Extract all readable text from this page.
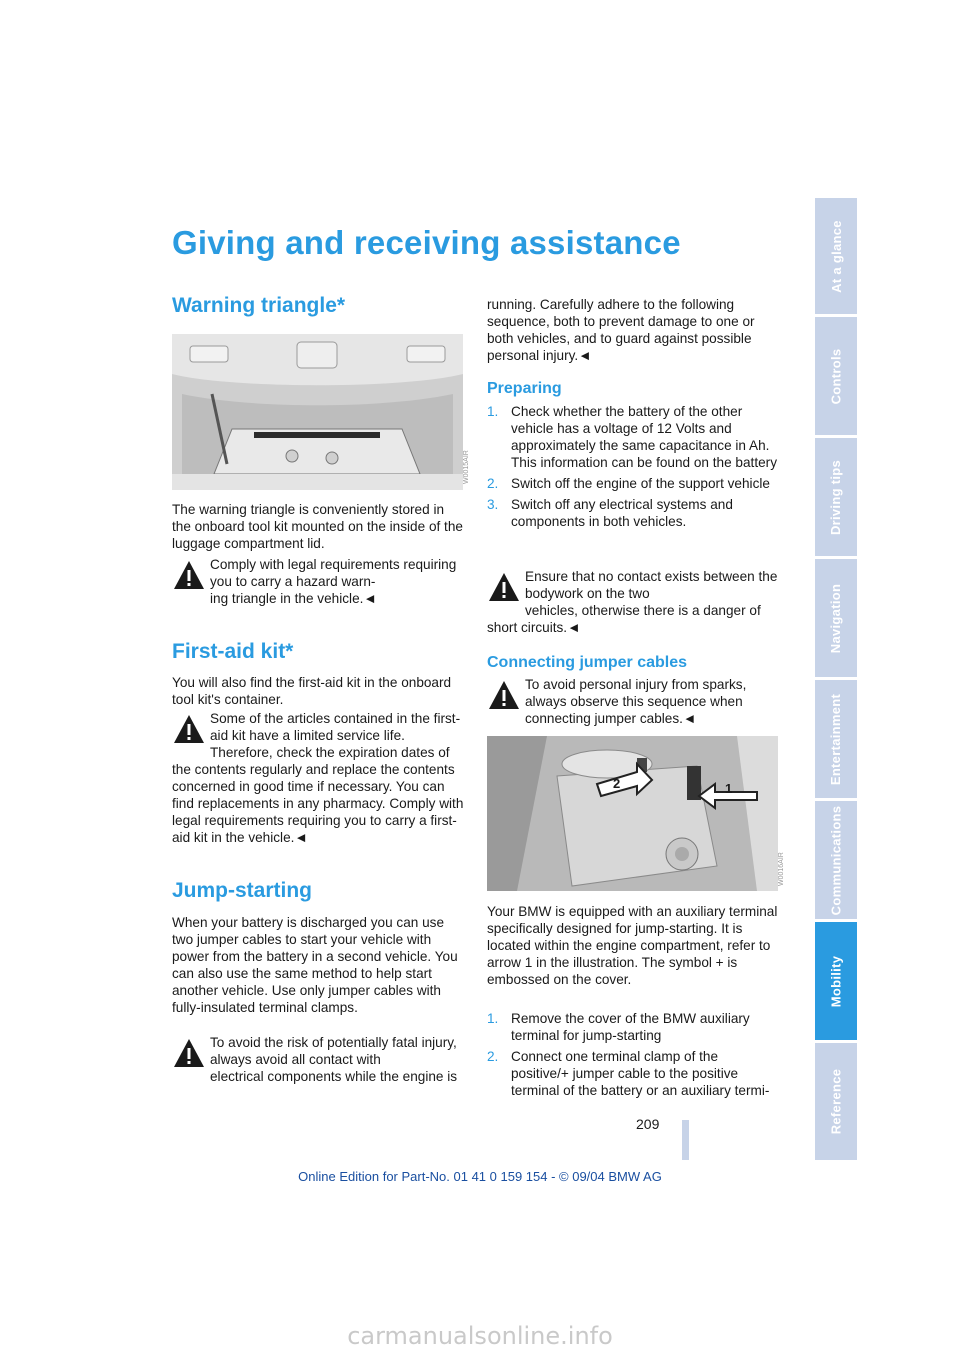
Giving and receiving assistance
Warning triangle*
W0015AIR

The warning triangle is conveniently stored in the onboard tool kit mounted on the inside of the luggage compartment lid.

Comply with legal requirements requiring you to carry a hazard warn-

ing triangle in the vehicle.◄

First-aid kit*

You will also find the first-aid kit in the onboard tool kit's container.

Some of the articles contained in the first-aid kit have a limited service life.

Therefore, check the expiration dates of the contents regularly and replace the contents concerned in good time if necessary. You can find replacements in any pharmacy. Comply with legal requirements requiring you to carry a first-aid kit in the vehicle.◄

Jump-starting

When your battery is discharged you can use two jumper cables to start your vehicle with power from the battery in a second vehicle. You can also use the same method to help start another vehicle. Use only jumper cables with fully-insulated terminal clamps.

To avoid the risk of potentially fatal injury, always avoid all contact with

electrical components while the engine is

running. Carefully adhere to the following sequence, both to prevent damage to one or both vehicles, and to guard against possible personal injury.◄

Preparing
1. Check whether the battery of the other vehicle has a voltage of 12 Volts and approximately the same capacitance in Ah. This information can be found on the battery
2. Switch off the engine of the support vehicle
3. Switch off any electrical systems and components in both vehicles.

Ensure that no contact exists between the bodywork on the two

vehicles, otherwise there is a danger of short circuits.◄

Connecting jumper cables

To avoid personal injury from sparks, always observe this sequence when

connecting jumper cables.◄

2	1
W0016AIR

Your BMW is equipped with an auxiliary terminal specifically designed for jump-starting. It is located within the engine compartment, refer to arrow 1 in the illustration. The symbol + is embossed on the cover.

1. Remove the cover of the BMW auxiliary terminal for jump-starting
2. Connect one terminal clamp of the positive/+ jumper cable to the positive terminal of the battery or an auxiliary termi-
At a glance
Controls
Driving tips
Navigation
Entertainment
Communications
Mobility
Reference
209
Online Edition for Part-No. 01 41 0 159 154 - © 09/04 BMW AG
carmanualsonline.info
